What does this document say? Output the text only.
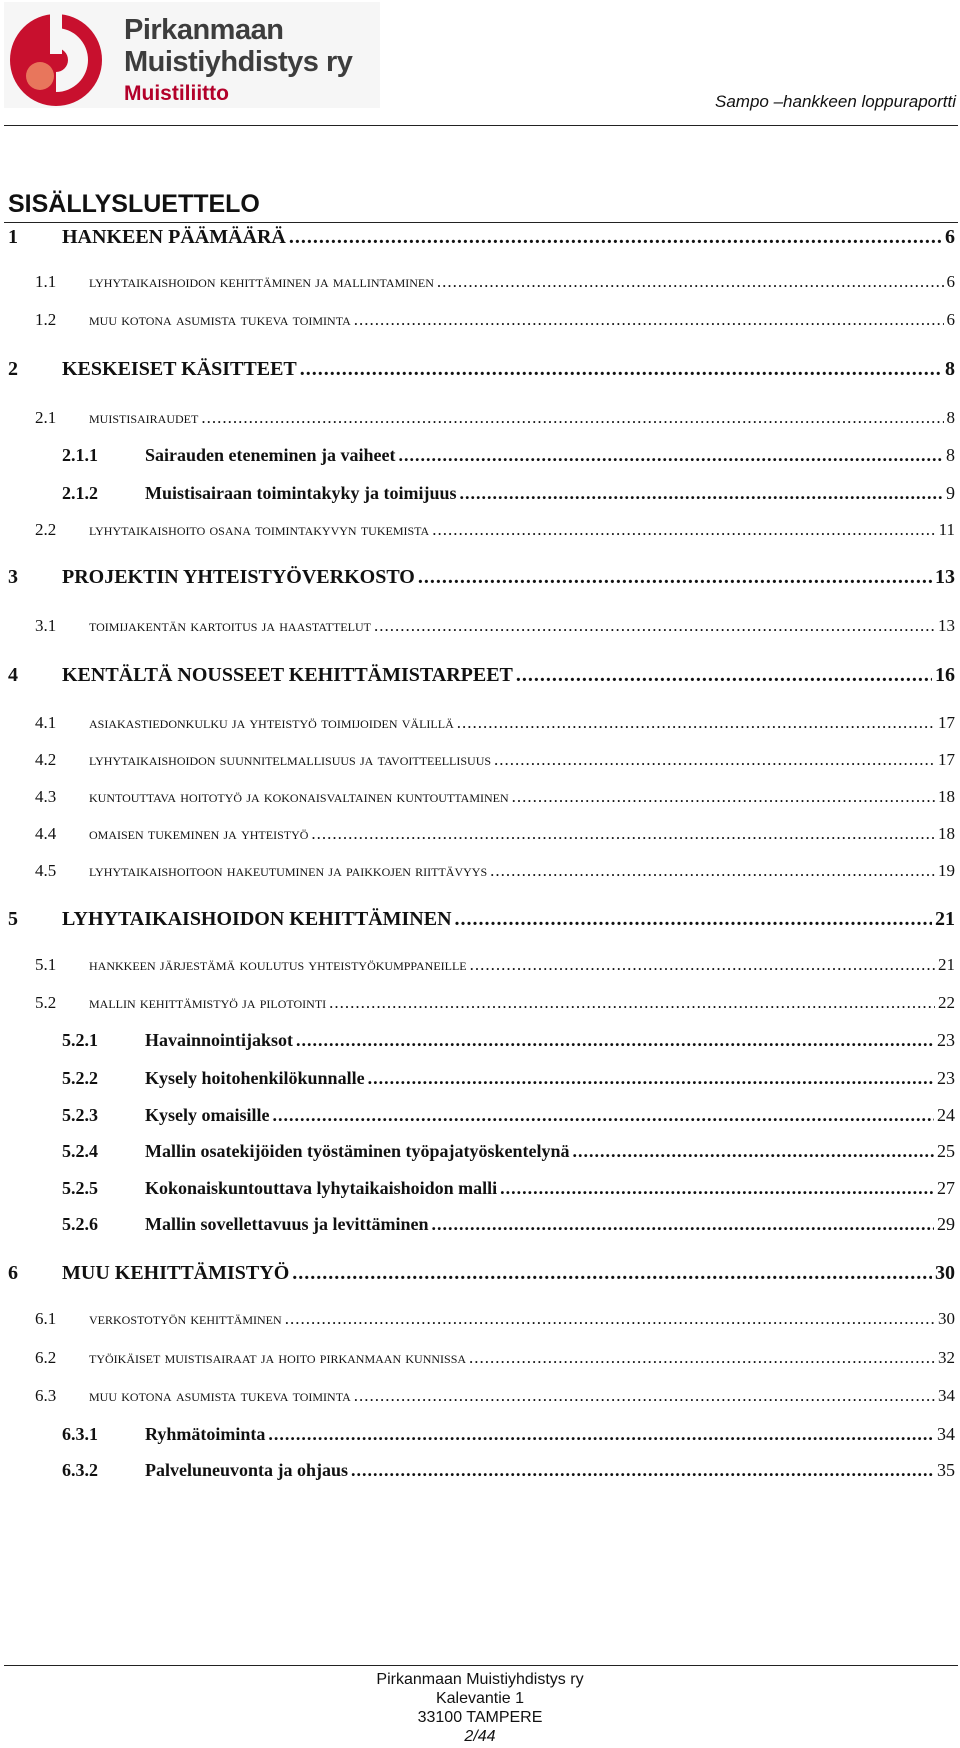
Pirkanmaan
Muistiyhdistys ry
Muistiliitto	Sampo –hankkeen loppuraportti
SISÄLLYSLUETTELO
1 HANKEEN PÄÄMÄÄRÄ .....	6
1.1 lyhytaikaishoidon kehittäminen ja mallintaminen .....	6
1.2 muu kotona asumista tukeva toiminta .....	6
2 KESKEISET KÄSITTEET .....	8
2.1 muistisairaudet .....	8
2.1.1	Sairauden eteneminen ja vaiheet .....	8
2.1.2	Muistisairaan toimintakyky ja toimijuus .....	9
2.2 lyhytaikaishoito osana toimintakyvyn tukemista .....	11
3 PROJEKTIN YHTEISTYÖVERKOSTO .....	13
3.1 toimijakentän kartoitus ja haastattelut .....	13
4 KENTÄLTÄ NOUSSEET KEHITTÄMISTARPEET .....	16
4.1 asiakastiedonkulku ja yhteistyö toimijoiden välillä .....	17
4.2 lyhytaikaishoidon suunnitelmallisuus ja tavoitteellisuus .....	17
4.3 kuntouttava hoitotyö ja kokonaisvaltainen kuntouttaminen .....	18
4.4 omaisen tukeminen ja yhteistyö .....	18
4.5 lyhytaikaishoitoon hakeutuminen ja paikkojen riittävyys .....	19
5 LYHYTAIKAISHOIDON KEHITTÄMINEN .....	21
5.1 hankkeen järjestämä koulutus yhteistyökumppaneille .....	21
5.2 mallin kehittämistyö ja pilotointi .....	22
5.2.1	Havainnointijaksot .....	23
5.2.2	Kysely hoitohenkilökunnalle .....	23
5.2.3	Kysely omaisille .....	24
5.2.4	Mallin osatekijöiden työstäminen työpajatyöskentelynä .....	25
5.2.5	Kokonaiskuntouttava lyhytaikaishoidon malli .....	27
5.2.6	Mallin sovellettavuus ja levittäminen .....	29
6 MUU KEHITTÄMISTYÖ .....	30
6.1 verkostotyön kehittäminen .....	30
6.2 työikäiset muistisairaat ja hoito pirkanmaan kunnissa .....	32
6.3 muu kotona asumista tukeva toiminta .....	34
6.3.1	Ryhmätoiminta .....	34
6.3.2	Palveluneuvonta ja ohjaus .....	35
Pirkanmaan Muistiyhdistys ry
Kalevantie 1
33100 TAMPERE
2/44
